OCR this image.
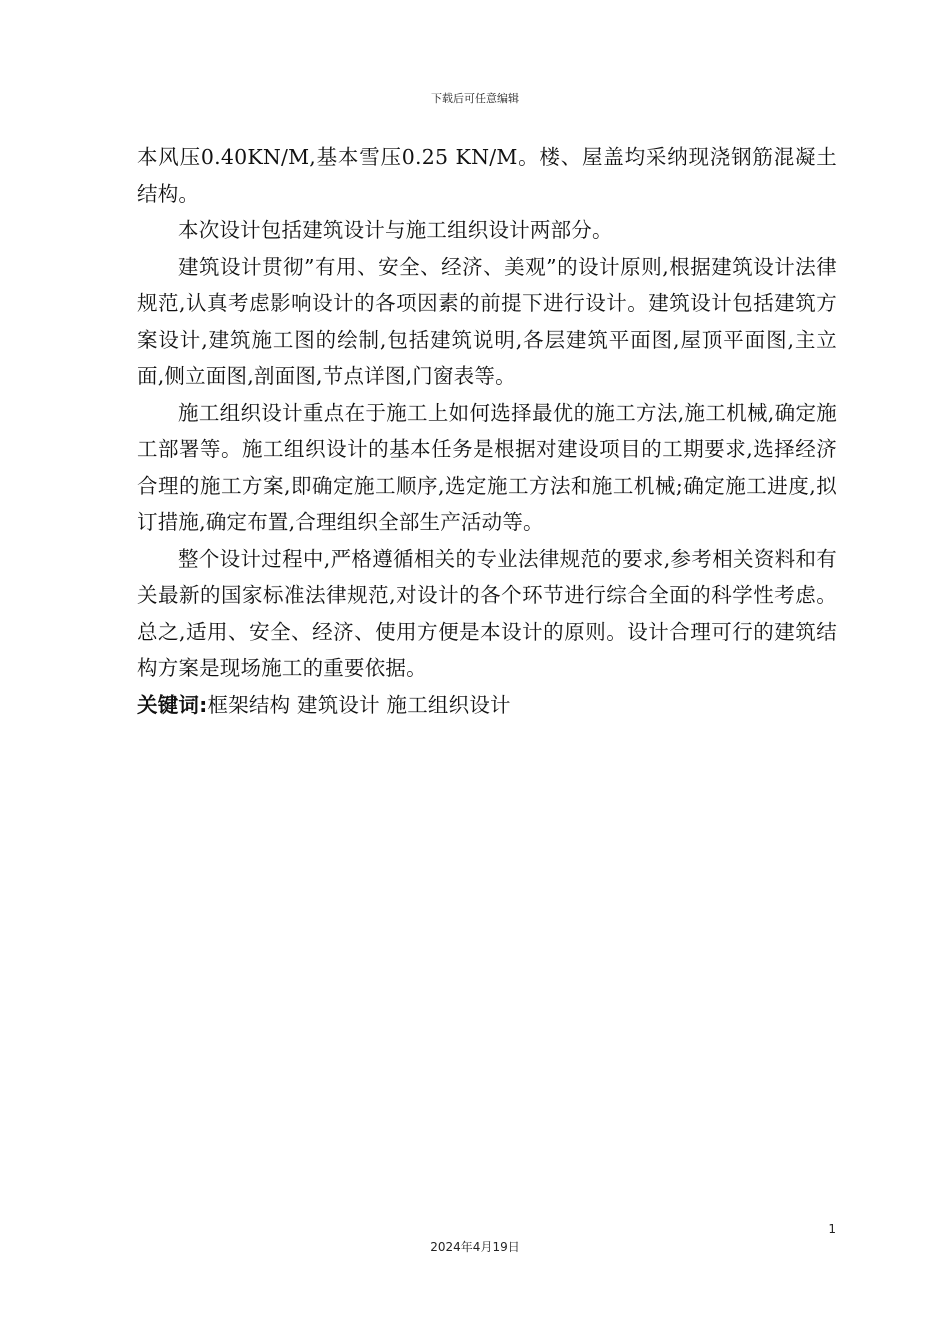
下载后可任意编辑

本风压0.40KN/M,基本雪压0.25 KN/M。楼、屋盖均采纳现浇钢筋混凝土结构。

本次设计包括建筑设计与施工组织设计两部分。

建筑设计贯彻”有用、安全、经济、美观”的设计原则,根据建筑设计法律规范,认真考虑影响设计的各项因素的前提下进行设计。建筑设计包括建筑方案设计,建筑施工图的绘制,包括建筑说明,各层建筑平面图,屋顶平面图,主立面,侧立面图,剖面图,节点详图,门窗表等。

施工组织设计重点在于施工上如何选择最优的施工方法,施工机械,确定施工部署等。施工组织设计的基本任务是根据对建设项目的工期要求,选择经济合理的施工方案,即确定施工顺序,选定施工方法和施工机械;确定施工进度,拟订措施,确定布置,合理组织全部生产活动等。

整个设计过程中,严格遵循相关的专业法律规范的要求,参考相关资料和有关最新的国家标准法律规范,对设计的各个环节进行综合全面的科学性考虑。总之,适用、安全、经济、使用方便是本设计的原则。设计合理可行的建筑结构方案是现场施工的重要依据。

关键词:框架结构 建筑设计 施工组织设计

1
2024年4月19日
